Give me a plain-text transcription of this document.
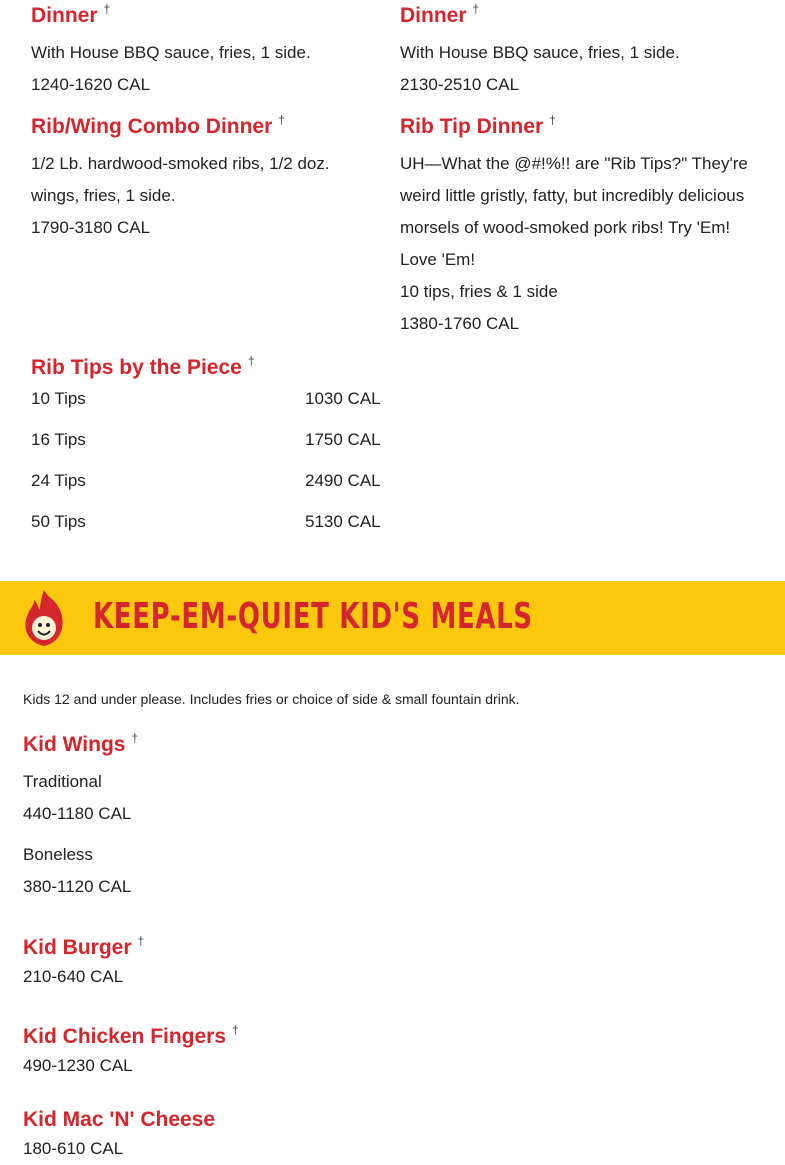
Dinner †
With House BBQ sauce, fries, 1 side.
1240-1620 CAL
Dinner †
With House BBQ sauce, fries, 1 side.
2130-2510 CAL
Rib/Wing Combo Dinner †
1/2 Lb. hardwood-smoked ribs, 1/2 doz. wings, fries, 1 side.
1790-3180 CAL
Rib Tip Dinner †
UH—What the @#!%!! are "Rib Tips?" They're weird little gristly, fatty, but incredibly delicious morsels of wood-smoked pork ribs! Try 'Em! Love 'Em!
10 tips, fries & 1 side
1380-1760 CAL
Rib Tips by the Piece †
10 Tips	1030 CAL
16 Tips	1750 CAL
24 Tips	2490 CAL
50 Tips	5130 CAL
KEEP-EM-QUIET KID'S MEALS
Kids 12 and under please. Includes fries or choice of side & small fountain drink.
Kid Wings †
Traditional
440-1180 CAL
Boneless
380-1120 CAL
Kid Burger †
210-640 CAL
Kid Chicken Fingers †
490-1230 CAL
Kid Mac 'N' Cheese
180-610 CAL
